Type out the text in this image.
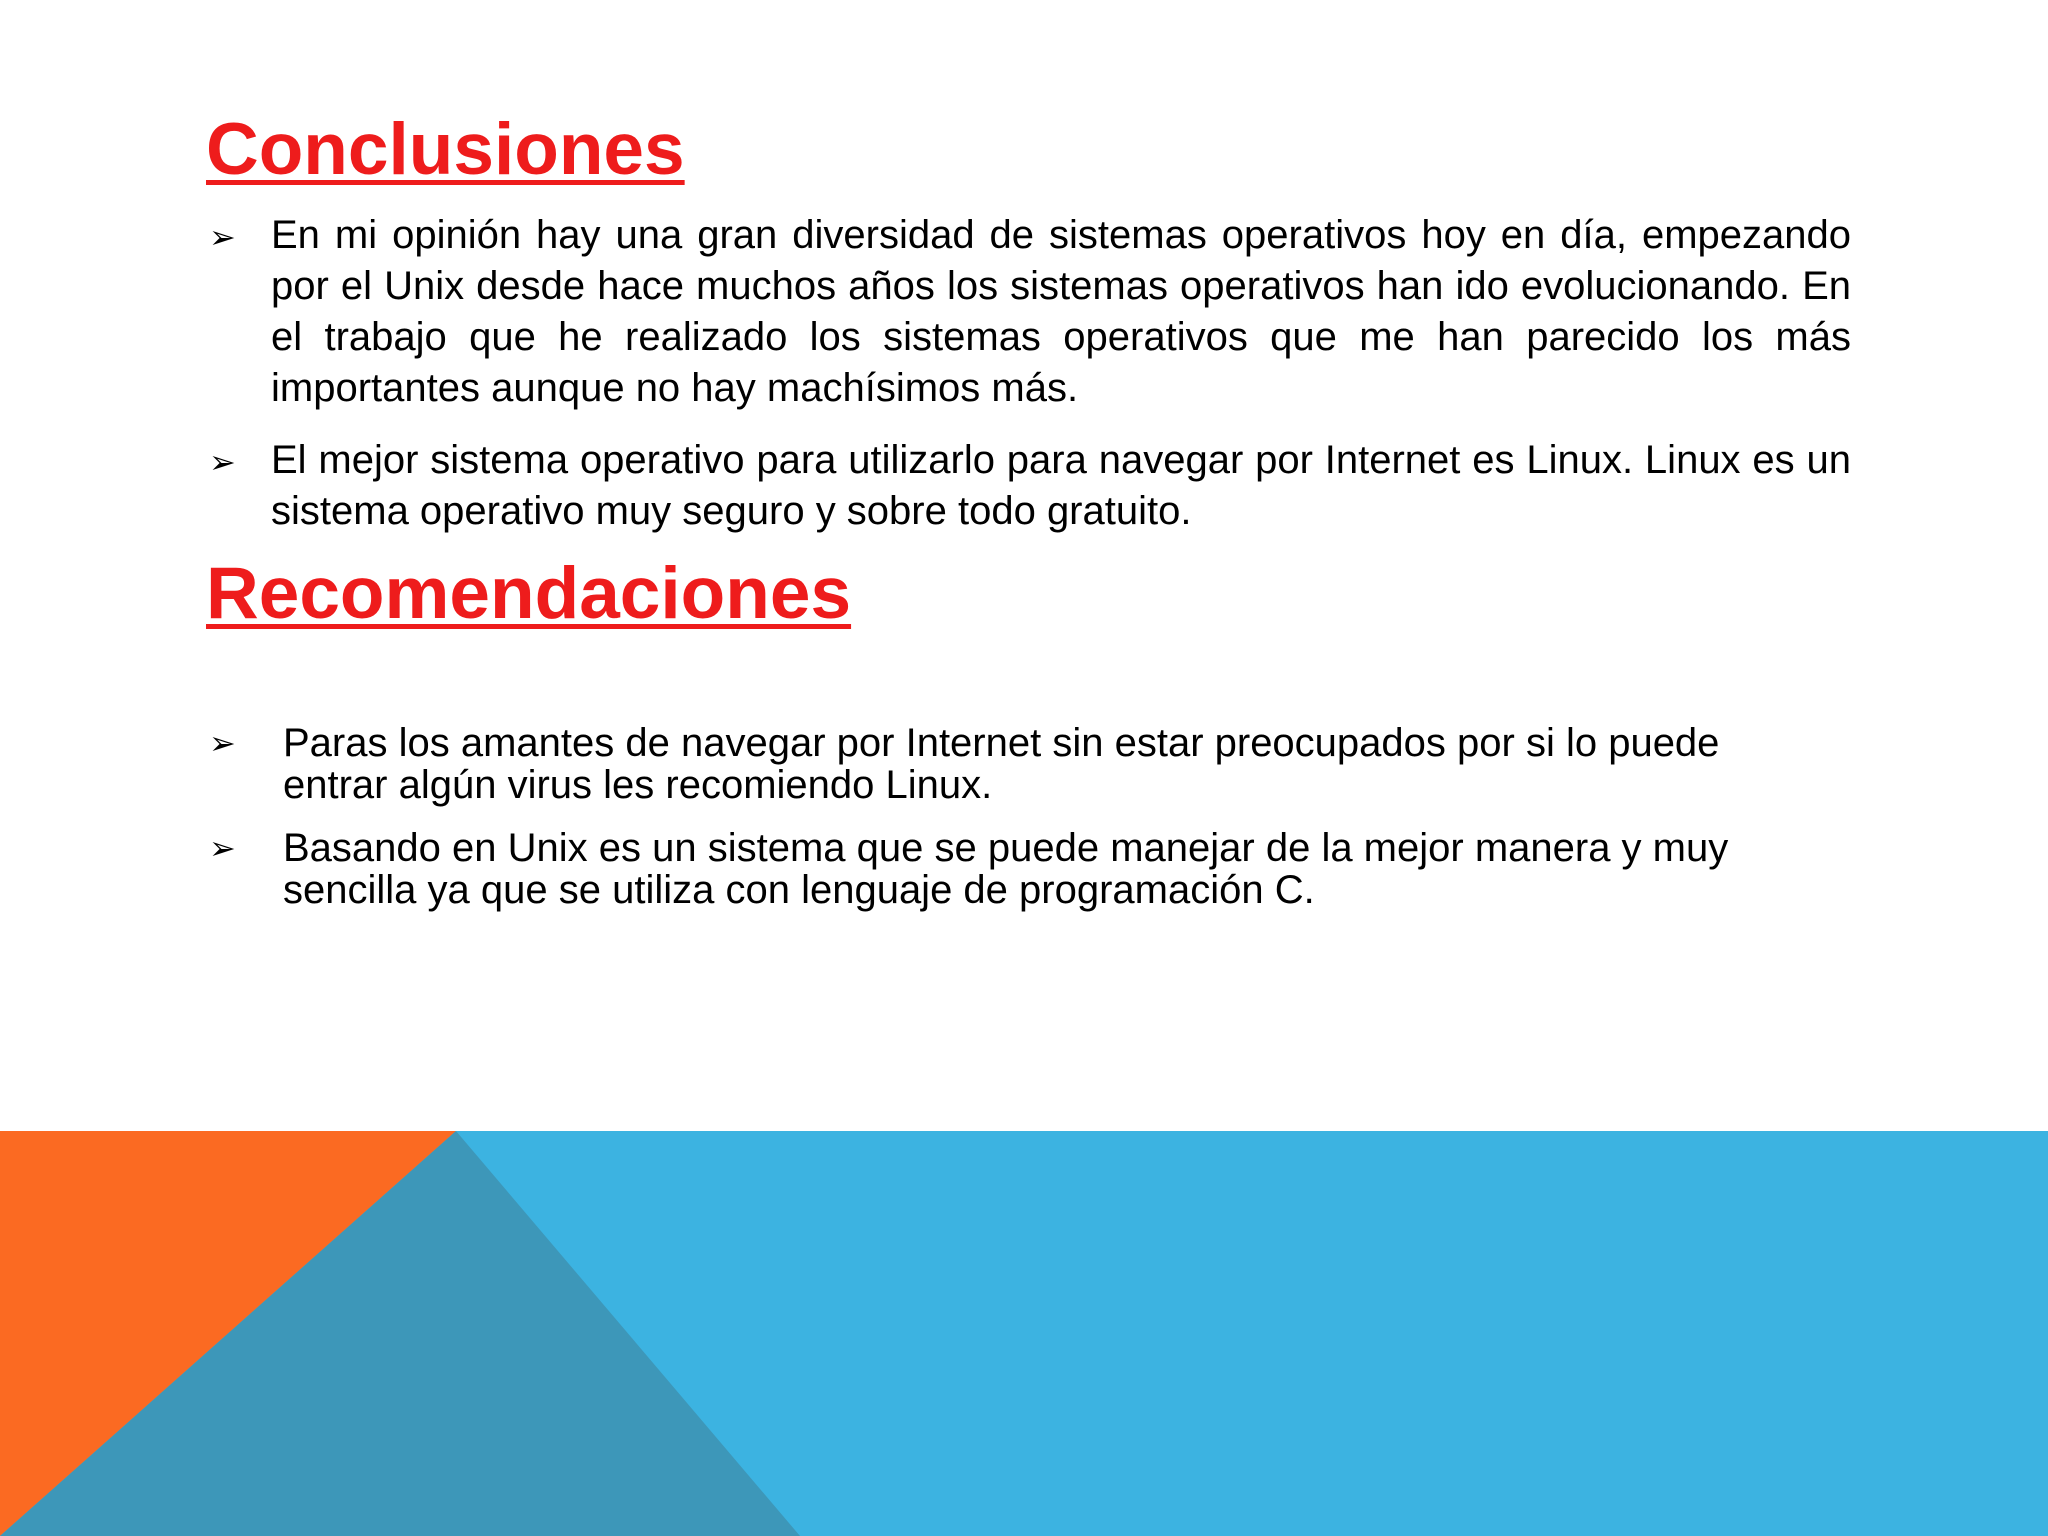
Conclusiones
➢ En mi opinión hay una gran diversidad de sistemas operativos hoy en día, empezando por el Unix desde hace muchos años los sistemas operativos han ido evolucionando. En el trabajo que he realizado los sistemas operativos que me han parecido los más importantes aunque no hay machísimos más.
➢ El mejor sistema operativo para utilizarlo para navegar por Internet es Linux. Linux es un sistema operativo muy seguro y sobre todo gratuito.
Recomendaciones
➢ Paras los amantes de navegar por Internet sin estar preocupados por si lo puede entrar algún virus les recomiendo Linux.
➢ Basando en Unix es un sistema que se puede manejar de la mejor manera y muy sencilla ya que se utiliza con lenguaje de programación C.
